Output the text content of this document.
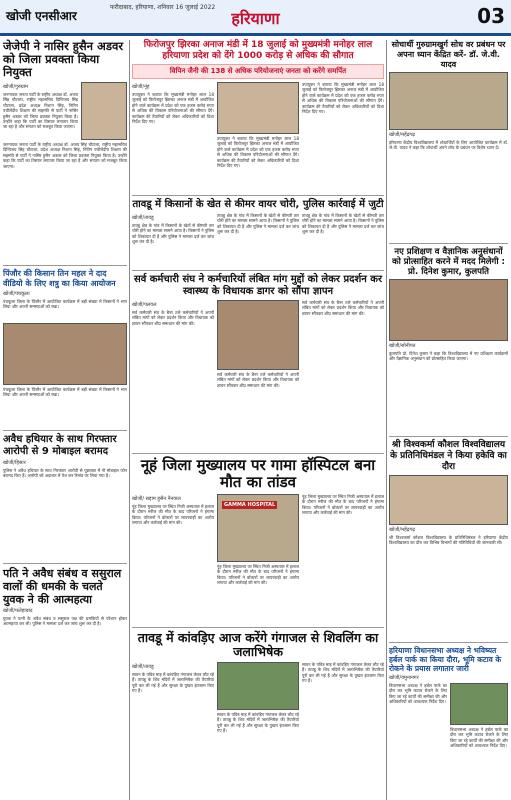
खोजी एनसीआर
फरीदाबाद, हरियाणा, शनिवार 16 जुलाई 2022
हरियाणा	03
जेजेपी ने नासिर हुसैन अडवर को जिला प्रवक्ता किया नियुक्त
खोजी/गुरुग्राम
जननायक जनता पार्टी के राष्ट्रीय अध्यक्ष डॉ. अजय सिंह चौटाला, राष्ट्रीय महासचिव दिग्विजय सिंह चौटाला, प्रदेश अध्यक्ष निशान सिंह, नितिन पचीलेंदीय शिक्षण की सहमति से पार्टी ने नासिर हुसैन अडवर को जिला प्रवक्ता नियुक्त किया है। उन्होंने कहा कि पार्टी का विस्तार लगातार किया जा रहा है और संगठन को मजबूत किया जाएगा।
जननायक जनता पार्टी के राष्ट्रीय अध्यक्ष डॉ. अजय सिंह चौटाला, राष्ट्रीय महासचिव दिग्विजय सिंह चौटाला, प्रदेश अध्यक्ष निशान सिंह, नितिन पचीलेंदीय शिक्षण की सहमति से पार्टी ने नासिर हुसैन अडवर को जिला प्रवक्ता नियुक्त किया है। उन्होंने कहा कि पार्टी का विस्तार लगातार किया जा रहा है और संगठन को मजबूत किया जाएगा।
पिंजौर की किसान तिन महल ने दाद वीडियो के लिए शत्रु का किया आयोजन
खोजी/पंचकूला
पंचकूला जिला के पिंजौर में आयोजित कार्यक्रम में बड़ी संख्या में किसानों ने भाग लिया और अपनी समस्याओं को रखा।
पंचकूला जिला के पिंजौर में आयोजित कार्यक्रम में बड़ी संख्या में किसानों ने भाग लिया और अपनी समस्याओं को रखा।
अवैध हथियार के साथ गिरफ्तार आरोपी से 9 मोबाइल बरामद
खोजी/हिसार
पुलिस ने अवैध हथियार के साथ गिरफ्तार आरोपी से पूछताछ में नौ मोबाइल फोन बरामद किए हैं। आरोपी को अदालत में पेश कर रिमांड पर लिया गया है।
पति ने अवैध संबंध व ससुराल वालों की धमकी के चलते युवक ने की आत्महत्या
खोजी/फतेहाबाद
युवक ने पत्नी के अवैध संबंध व ससुराल पक्ष की धमकियों से परेशान होकर आत्महत्या कर ली। पुलिस ने मामला दर्ज कर जांच शुरू कर दी है।
फिरोजपुर झिरका अनाज मंडी में 18 जुलाई को मुख्यमंत्री मनोहर लाल हरियाणा प्रदेश को देंगे 1000 करोड़ से अधिक की सौगात
विपिन जैनी की 138 से अधिक परियोजनाएं जनता को करेंगे समर्पित
खोजी/नूंह
उपायुक्त ने बताया कि मुख्यमंत्री मनोहर लाल 18 जुलाई को फिरोजपुर झिरका अनाज मंडी में आयोजित होने वाले कार्यक्रम में प्रदेश को एक हजार करोड़ रुपए से अधिक की विकास परियोजनाओं की सौगात देंगे। कार्यक्रम की तैयारियों को लेकर अधिकारियों को दिशा निर्देश दिए गए।
उपायुक्त ने बताया कि मुख्यमंत्री मनोहर लाल 18 जुलाई को फिरोजपुर झिरका अनाज मंडी में आयोजित होने वाले कार्यक्रम में प्रदेश को एक हजार करोड़ रुपए से अधिक की विकास परियोजनाओं की सौगात देंगे। कार्यक्रम की तैयारियों को लेकर अधिकारियों को दिशा निर्देश दिए गए।
उपायुक्त ने बताया कि मुख्यमंत्री मनोहर लाल 18 जुलाई को फिरोजपुर झिरका अनाज मंडी में आयोजित होने वाले कार्यक्रम में प्रदेश को एक हजार करोड़ रुपए से अधिक की विकास परियोजनाओं की सौगात देंगे। कार्यक्रम की तैयारियों को लेकर अधिकारियों को दिशा निर्देश दिए गए।
तावडू में किसानों के खेत से कीमर वायर चोरी, पुलिस कार्रवाई में जुटी
खोजी/तावडू
तावडू क्षेत्र के गांव में किसानों के खेतों से कीमती तार चोरी होने का मामला सामने आया है। किसानों ने पुलिस को शिकायत दी है और पुलिस ने मामला दर्ज कर जांच शुरू कर दी है।
तावडू क्षेत्र के गांव में किसानों के खेतों से कीमती तार चोरी होने का मामला सामने आया है। किसानों ने पुलिस को शिकायत दी है और पुलिस ने मामला दर्ज कर जांच शुरू कर दी है।
तावडू क्षेत्र के गांव में किसानों के खेतों से कीमती तार चोरी होने का मामला सामने आया है। किसानों ने पुलिस को शिकायत दी है और पुलिस ने मामला दर्ज कर जांच शुरू कर दी है।
सर्व कर्मचारी संघ ने कर्मचारियों लंबित मांग मुद्दों को लेकर प्रदर्शन कर स्वास्थ्य के विधायक डागर को सौंपा ज्ञापन
खोजी/पलवल
सर्व कर्मचारी संघ के बैनर तले कर्मचारियों ने अपनी लंबित मांगों को लेकर प्रदर्शन किया और विधायक को ज्ञापन सौंपकर शीघ्र समाधान की मांग की।
सर्व कर्मचारी संघ के बैनर तले कर्मचारियों ने अपनी लंबित मांगों को लेकर प्रदर्शन किया और विधायक को ज्ञापन सौंपकर शीघ्र समाधान की मांग की।
सर्व कर्मचारी संघ के बैनर तले कर्मचारियों ने अपनी लंबित मांगों को लेकर प्रदर्शन किया और विधायक को ज्ञापन सौंपकर शीघ्र समाधान की मांग की।
नूहं जिला मुख्यालय पर गामा हॉस्पिटल बना मौत का तांडव
खोजी/ सद्दाम हुसैन नैनवाल
नूंह जिला मुख्यालय पर स्थित निजी अस्पताल में इलाज के दौरान मरीज की मौत के बाद परिजनों ने हंगामा किया। परिजनों ने डॉक्टरों पर लापरवाही का आरोप लगाया और कार्रवाई की मांग की।
GAMMA HOSPITAL
नूंह जिला मुख्यालय पर स्थित निजी अस्पताल में इलाज के दौरान मरीज की मौत के बाद परिजनों ने हंगामा किया। परिजनों ने डॉक्टरों पर लापरवाही का आरोप लगाया और कार्रवाई की मांग की।
नूंह जिला मुख्यालय पर स्थित निजी अस्पताल में इलाज के दौरान मरीज की मौत के बाद परिजनों ने हंगामा किया। परिजनों ने डॉक्टरों पर लापरवाही का आरोप लगाया और कार्रवाई की मांग की।
तावडू में कांवड़िए आज करेंगे गंगाजल से शिवलिंग का जलाभिषेक
खोजी/तावडू
सावन के पवित्र माह में कांवड़िए गंगाजल लेकर लौट रहे हैं। तावडू के शिव मंदिरों में जलाभिषेक की तैयारियां पूरी कर ली गई हैं और सुरक्षा के पुख्ता इंतजाम किए गए हैं।
सावन के पवित्र माह में कांवड़िए गंगाजल लेकर लौट रहे हैं। तावडू के शिव मंदिरों में जलाभिषेक की तैयारियां पूरी कर ली गई हैं और सुरक्षा के पुख्ता इंतजाम किए गए हैं।
सावन के पवित्र माह में कांवड़िए गंगाजल लेकर लौट रहे हैं। तावडू के शिव मंदिरों में जलाभिषेक की तैयारियां पूरी कर ली गई हैं और सुरक्षा के पुख्ता इंतजाम किए गए हैं।
सोचार्थी गुरुग्रामखुर्ग सोध वर प्रबंधन पर अपना ध्यान केंद्रित करें- डॉ. जे.वी. यादव
खोजी/महेंद्रगढ़
हरियाणा केंद्रीय विश्वविद्यालय में शोधार्थियों के लिए आयोजित कार्यक्रम में डॉ. जे.वी. यादव ने कहा कि शोधार्थी अपने शोध के प्रबंधन पर विशेष ध्यान दें।
नए प्रशिक्षण व वैज्ञानिक अनुसंधानों को प्रोत्साहित करने में मदद मिलेगी : प्रो. दिनेश कुमार, कुलपति
खोजी/सोनीपत
कुलपति प्रो. दिनेश कुमार ने कहा कि विश्वविद्यालय में नए प्रशिक्षण कार्यक्रमों और वैज्ञानिक अनुसंधान को प्रोत्साहित किया जाएगा।
श्री विश्वकर्मा कौशल विश्वविद्यालय के प्रतिनिधिमंडल ने किया हकेवि का दौरा
खोजी/महेंद्रगढ़
श्री विश्वकर्मा कौशल विश्वविद्यालय के प्रतिनिधिमंडल ने हरियाणा केंद्रीय विश्वविद्यालय का दौरा कर विभिन्न विभागों की गतिविधियों की जानकारी ली।
हरियाणा विधानसभा अध्यक्ष ने भविष्यत हर्बल पार्क का किया दौरा, भूमि कटाव के रोकने के प्रयास लगातार जारी
खोजी/यमुनानगर
विधानसभा अध्यक्ष ने हर्बल पार्क का दौरा कर भूमि कटाव रोकने के लिए किए जा रहे कार्यों की समीक्षा की और अधिकारियों को आवश्यक निर्देश दिए।
विधानसभा अध्यक्ष ने हर्बल पार्क का दौरा कर भूमि कटाव रोकने के लिए किए जा रहे कार्यों की समीक्षा की और अधिकारियों को आवश्यक निर्देश दिए।
